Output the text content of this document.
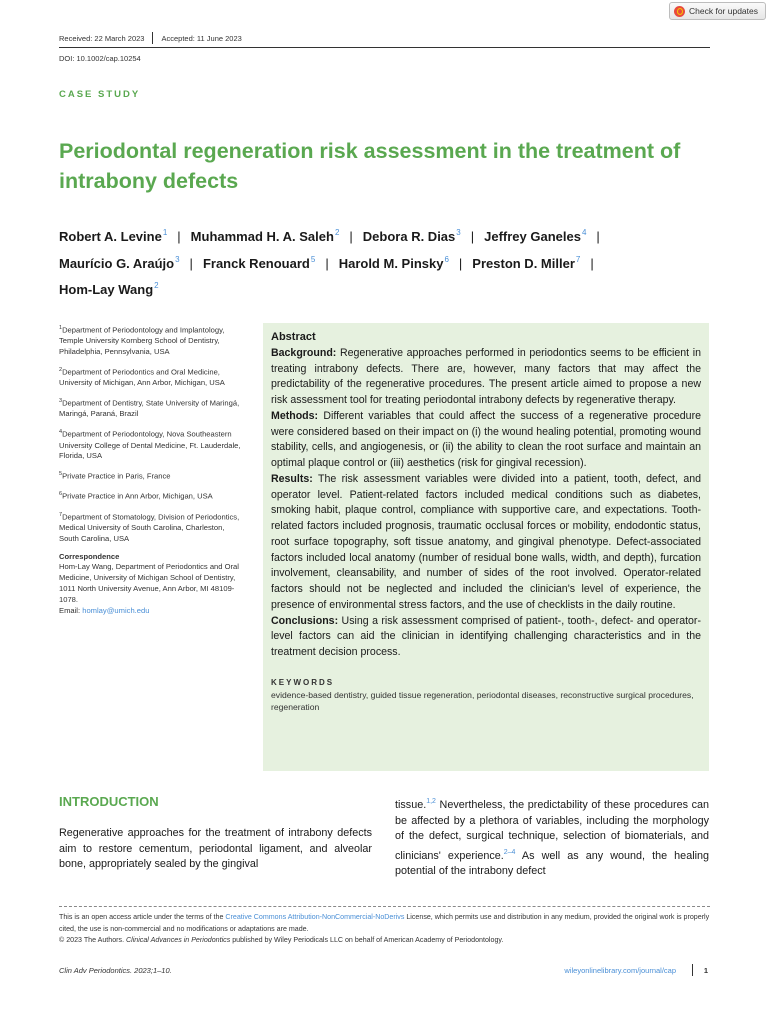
Check for updates
Received: 22 March 2023 Accepted: 11 June 2023
DOI: 10.1002/cap.10254
CASE STUDY
Periodontal regeneration risk assessment in the treatment of intrabony defects
Robert A. Levine$^1$ | Muhammad H. A. Saleh$^2$ | Debora R. Dias$^3$ | Jeffrey Ganeles$^4$ |
Maurício G. Araújo$^3$ | Franck Renouard$^5$ | Harold M. Pinsky$^6$ | Preston D. Miller$^7$ |
Hom-Lay Wang$^2$

$^1$Department of Periodontology and Implantology, Temple University Kornberg School of Dentistry, Philadelphia, Pennsylvania, USA

$^2$Department of Periodontics and Oral Medicine, University of Michigan, Ann Arbor, Michigan, USA

$^3$Department of Dentistry, State University of Maringá, Maringá, Paraná, Brazil

$^4$Department of Periodontology, Nova Southeastern University College of Dental Medicine, Ft. Lauderdale, Florida, USA

$^5$Private Practice in Paris, France

$^6$Private Practice in Ann Arbor, Michigan, USA

$^7$Department of Stomatology, Division of Periodontics, Medical University of South Carolina, Charleston, South Carolina, USA

Correspondence
Hom-Lay Wang, Department of Periodontics and Oral Medicine, University of Michigan School of Dentistry, 1011 North University Avenue, Ann Arbor, MI 48109-1078.
Email: homlay@umich.edu
Abstract
Background: Regenerative approaches performed in periodontics seems to be efficient in treating intrabony defects. There are, however, many factors that may affect the predictability of the regenerative procedures. The present article aimed to propose a new risk assessment tool for treating periodontal intrabony defects by regenerative therapy.
Methods: Different variables that could affect the success of a regenerative procedure were considered based on their impact on (i) the wound healing potential, promoting wound stability, cells, and angiogenesis, or (ii) the ability to clean the root surface and maintain an optimal plaque control or (iii) aesthetics (risk for gingival recession).
Results: The risk assessment variables were divided into a patient, tooth, defect, and operator level. Patient-related factors included medical conditions such as diabetes, smoking habit, plaque control, compliance with supportive care, and expectations. Tooth-related factors included prognosis, traumatic occlusal forces or mobility, endodontic status, root surface topography, soft tissue anatomy, and gingival phenotype. Defect-associated factors included local anatomy (number of residual bone walls, width, and depth), furcation involvement, cleansability, and number of sides of the root involved. Operator-related factors should not be neglected and included the clinician's level of experience, the presence of environmental stress factors, and the use of checklists in the daily routine.
Conclusions: Using a risk assessment comprised of patient-, tooth-, defect- and operator-level factors can aid the clinician in identifying challenging characteristics and in the treatment decision process.
KEYWORDS
evidence-based dentistry, guided tissue regeneration, periodontal diseases, reconstructive surgical procedures, regeneration
INTRODUCTION

Regenerative approaches for the treatment of intrabony defects aim to restore cementum, periodontal ligament, and alveolar bone, appropriately sealed by the gingival

tissue.$^{1,2}$ Nevertheless, the predictability of these procedures can be affected by a plethora of variables, including the morphology of the defect, surgical technique, selection of biomaterials, and clinicians' experience.$^{2-4}$ As well as any wound, the healing potential of the intrabony defect

This is an open access article under the terms of the Creative Commons Attribution-NonCommercial-NoDerivs License, which permits use and distribution in any medium, provided the original work is properly cited, the use is non-commercial and no modifications or adaptations are made.
© 2023 The Authors. Clinical Advances in Periodontics published by Wiley Periodicals LLC on behalf of American Academy of Periodontology.
Clin Adv Periodontics. 2023;1–10.	wileyonlinelibrary.com/journal/cap	1
